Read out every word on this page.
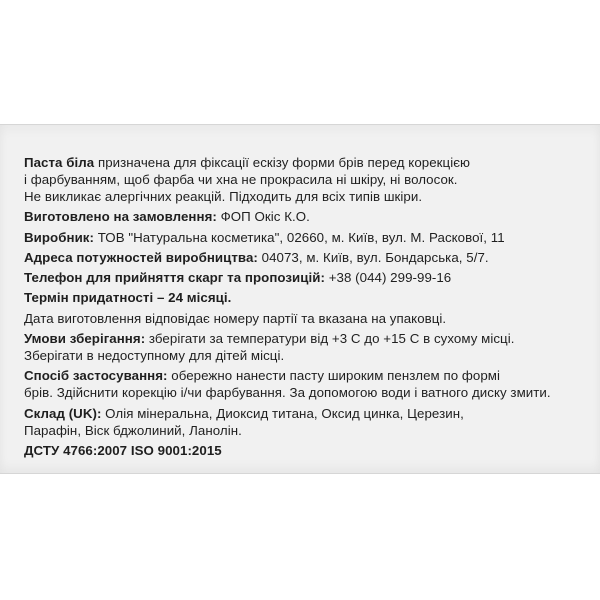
Паста біла призначена для фіксації ескізу форми брів перед корекцією
і фарбуванням, щоб фарба чи хна не прокрасила ні шкіру, ні волосок.
Не викликає алергічних реакцій. Підходить для всіх типів шкіри.
Виготовлено на замовлення: ФОП Окіс К.О.
Виробник: ТОВ "Натуральна косметика", 02660, м. Київ, вул. М. Раскової, 11
Адреса потужностей виробництва: 04073, м. Київ, вул. Бондарська, 5/7.
Телефон для прийняття скарг та пропозицій: +38 (044) 299-99-16
Термін придатності – 24 місяці.
Дата виготовлення відповідає номеру партії та вказана на упаковці.
Умови зберігання: зберігати за температури від +3 С до +15 С в сухому місці.
Зберігати в недоступному для дітей місці.
Спосіб застосування: обережно нанести пасту широким пензлем по формі
брів. Здійснити корекцію і/чи фарбування. За допомогою води і ватного диску змити.
Склад (UK): Олія мінеральна, Диоксид титана, Оксид цинка, Церезин,
Парафін, Віск бджолиний, Ланолін.
ДСТУ 4766:2007 ISO 9001:2015
